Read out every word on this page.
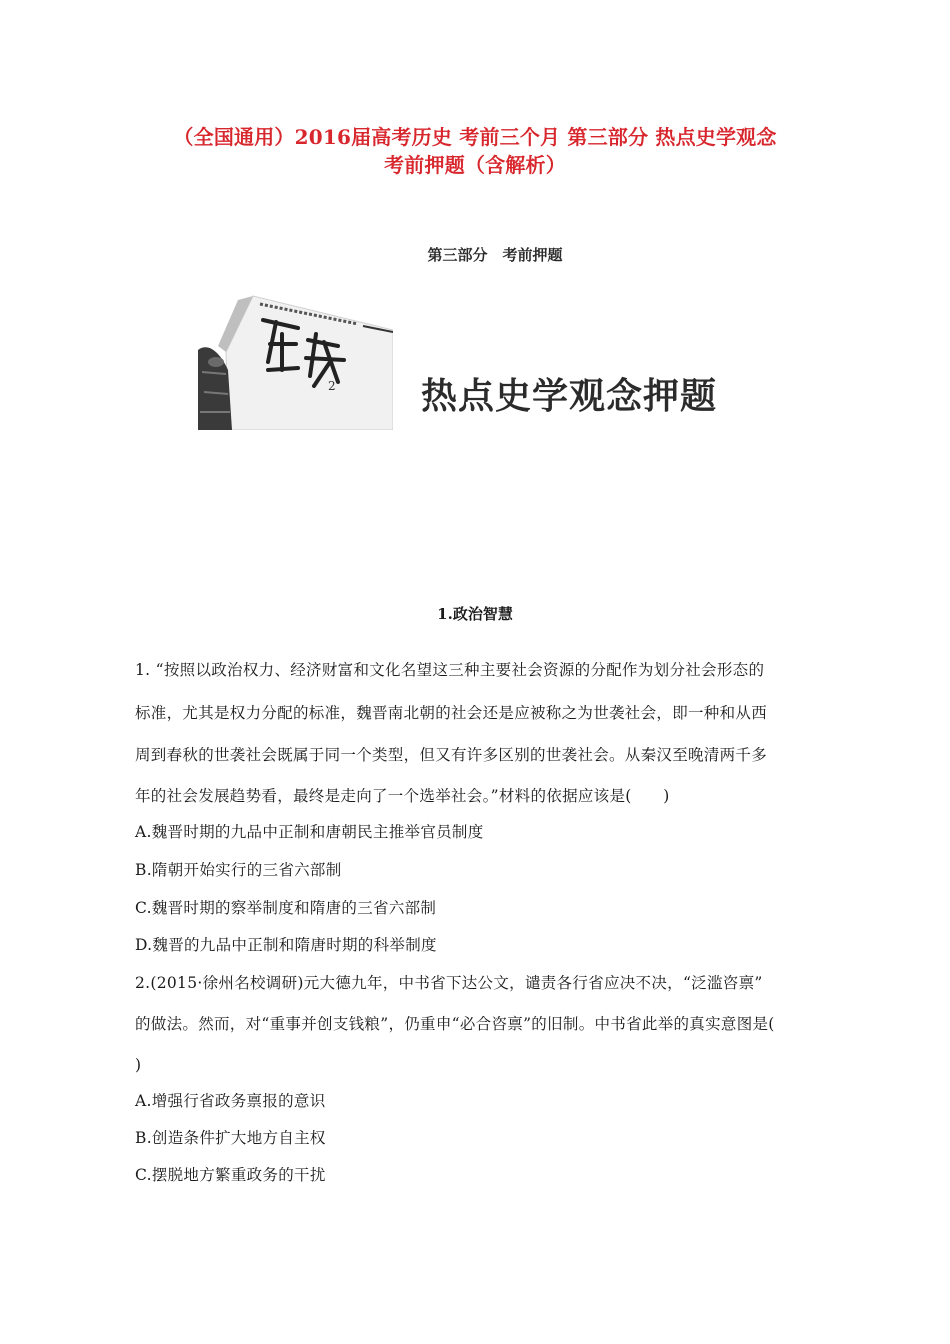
（全国通用）2016届高考历史 考前三个月 第三部分 热点史学观念
考前押题（含解析）
第三部分　考前押题
2 热点史学观念押题
1.政治智慧
1. “按照以政治权力、经济财富和文化名望这三种主要社会资源的分配作为划分社会形态的
标准，尤其是权力分配的标准，魏晋南北朝的社会还是应被称之为世袭社会，即一种和从西
周到春秋的世袭社会既属于同一个类型，但又有许多区别的世袭社会。从秦汉至晚清两千多
年的社会发展趋势看，最终是走向了一个选举社会。”材料的依据应该是(　　)
A.魏晋时期的九品中正制和唐朝民主推举官员制度
B.隋朝开始实行的三省六部制
C.魏晋时期的察举制度和隋唐的三省六部制
D.魏晋的九品中正制和隋唐时期的科举制度
2.(2015·徐州名校调研)元大德九年，中书省下达公文，谴责各行省应决不决，“泛滥咨禀”
的做法。然而，对“重事并创支钱粮”，仍重申“必合咨禀”的旧制。中书省此举的真实意图是(
)
A.增强行省政务禀报的意识
B.创造条件扩大地方自主权
C.摆脱地方繁重政务的干扰
